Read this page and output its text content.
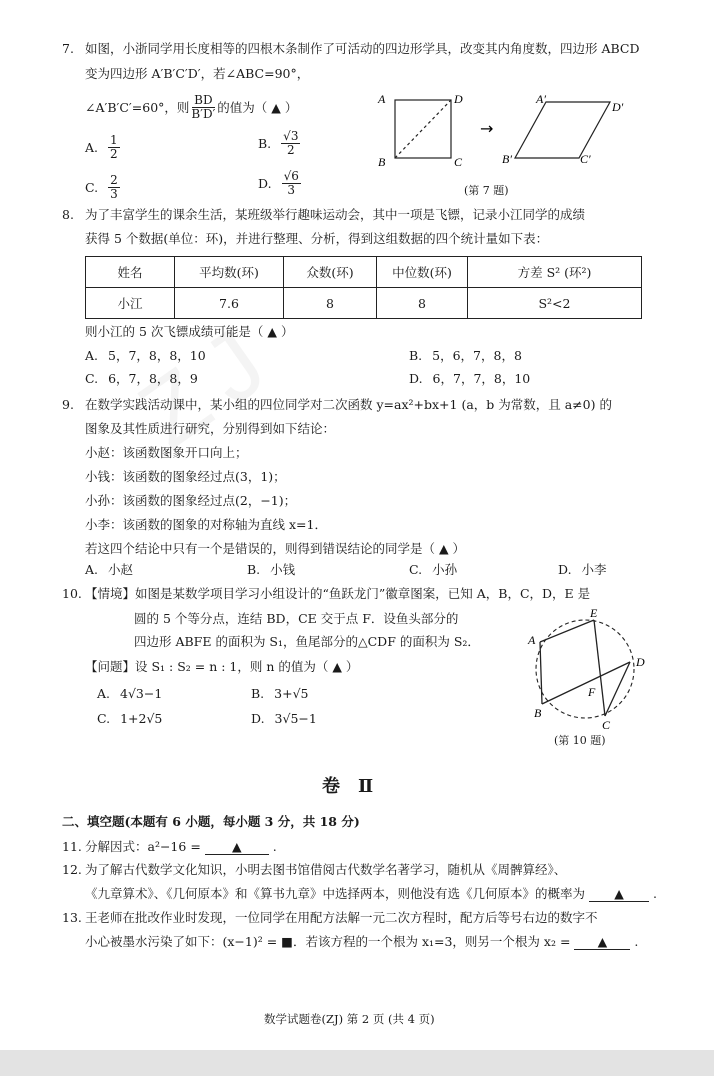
7. 如图，小浙同学用长度相等的四根木条制作了可活动的四边形学具，改变其内角度数，四边形 ABCD
变为四边形 A′B′C′D′，若∠ABC=90°，
∠A′B′C′=60°，则 $\frac{BD}{B'D'}$ 的值为（ ▲ ）
A. $\frac{1}{2}$	B. $\frac{√3}{2}$
C. $\frac{2}{3}$	D. $\frac{√6}{3}$
A	D
B	C
→
A′
D′
B′	C′
(第 7 题)
8. 为了丰富学生的课余生活，某班级举行趣味运动会，其中一项是飞镖，记录小江同学的成绩
获得 5 个数据(单位：环)，并进行整理、分析，得到这组数据的四个统计量如下表：
姓名	平均数(环)	众数(环)	中位数(环)	方差 S² (环²)
小江	7.6	8	8	S²<2
则小江的 5 次飞镖成绩可能是（ ▲ ）
A. 5，7，8，8，10	B. 5，6，7，8，8
C. 6，7，8，8，9	D. 6，7，7，8，10
9. 在数学实践活动课中，某小组的四位同学对二次函数 y=ax²+bx+1 (a，b 为常数，且 a≠0) 的
图象及其性质进行研究，分别得到如下结论：
小赵：该函数图象开口向上；
小钱：该函数的图象经过点(3，1)；
小孙：该函数的图象经过点(2，−1)；
小李：该函数的图象的对称轴为直线 x=1．
若这四个结论中只有一个是错误的，则得到错误结论的同学是（ ▲ ）
A. 小赵	B. 小钱	C. 小孙	D. 小李
10. 【情境】如图是某数学项目学习小组设计的“鱼跃龙门”徽章图案，已知 A，B，C，D，E 是
圆的 5 个等分点，连结 BD，CE 交于点 F．设鱼头部分的
四边形 ABFE 的面积为 S₁，鱼尾部分的△CDF 的面积为 S₂．
【问题】设 S₁ : S₂ = n : 1，则 n 的值为（ ▲ ）
A. 4√3−1	B. 3+√5
C. 1+2√5	D. 3√5−1
A
E
D
F
B
C
(第 10 题)
卷　Ⅱ
二、填空题(本题有 6 小题，每小题 3 分，共 18 分)
11. 分解因式：a²−16 = ▲ .
12. 为了解古代数学文化知识，小明去图书馆借阅古代数学名著学习，随机从《周髀算经》、
《九章算术》、《几何原本》和《算书九章》中选择两本，则他没有选《几何原本》的概率为 ▲ .
13. 王老师在批改作业时发现，一位同学在用配方法解一元二次方程时，配方后等号右边的数字不
小心被墨水污染了如下：(x−1)² = ■．若该方程的一个根为 x₁=3，则另一个根为 x₂ = ▲ .
数学试题卷(ZJ) 第 2 页 (共 4 页)
